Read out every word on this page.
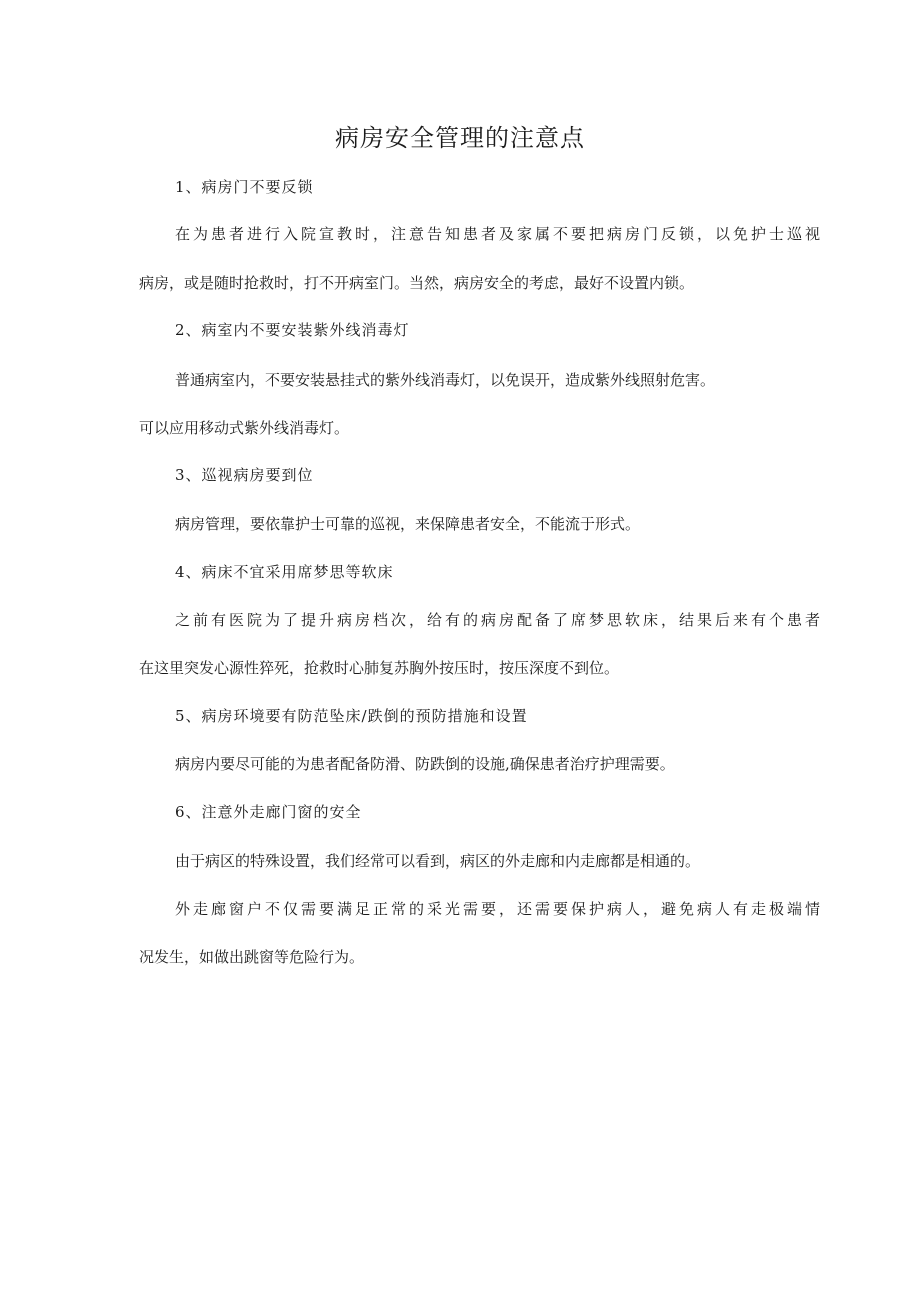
病房安全管理的注意点
1、病房门不要反锁
在为患者进行入院宣教时，注意告知患者及家属不要把病房门反锁，以免护士巡视
病房，或是随时抢救时，打不开病室门。当然，病房安全的考虑，最好不设置内锁。
2、病室内不要安装紫外线消毒灯
普通病室内，不要安装悬挂式的紫外线消毒灯，以免误开，造成紫外线照射危害。
可以应用移动式紫外线消毒灯。
3、巡视病房要到位
病房管理，要依靠护士可靠的巡视，来保障患者安全，不能流于形式。
4、病床不宜采用席梦思等软床
之前有医院为了提升病房档次，给有的病房配备了席梦思软床，结果后来有个患者
在这里突发心源性猝死，抢救时心肺复苏胸外按压时，按压深度不到位。
5、病房环境要有防范坠床/跌倒的预防措施和设置
病房内要尽可能的为患者配备防滑、防跌倒的设施,确保患者治疗护理需要。
6、注意外走廊门窗的安全
由于病区的特殊设置，我们经常可以看到，病区的外走廊和内走廊都是相通的。
外走廊窗户不仅需要满足正常的采光需要，还需要保护病人，避免病人有走极端情
况发生，如做出跳窗等危险行为。
